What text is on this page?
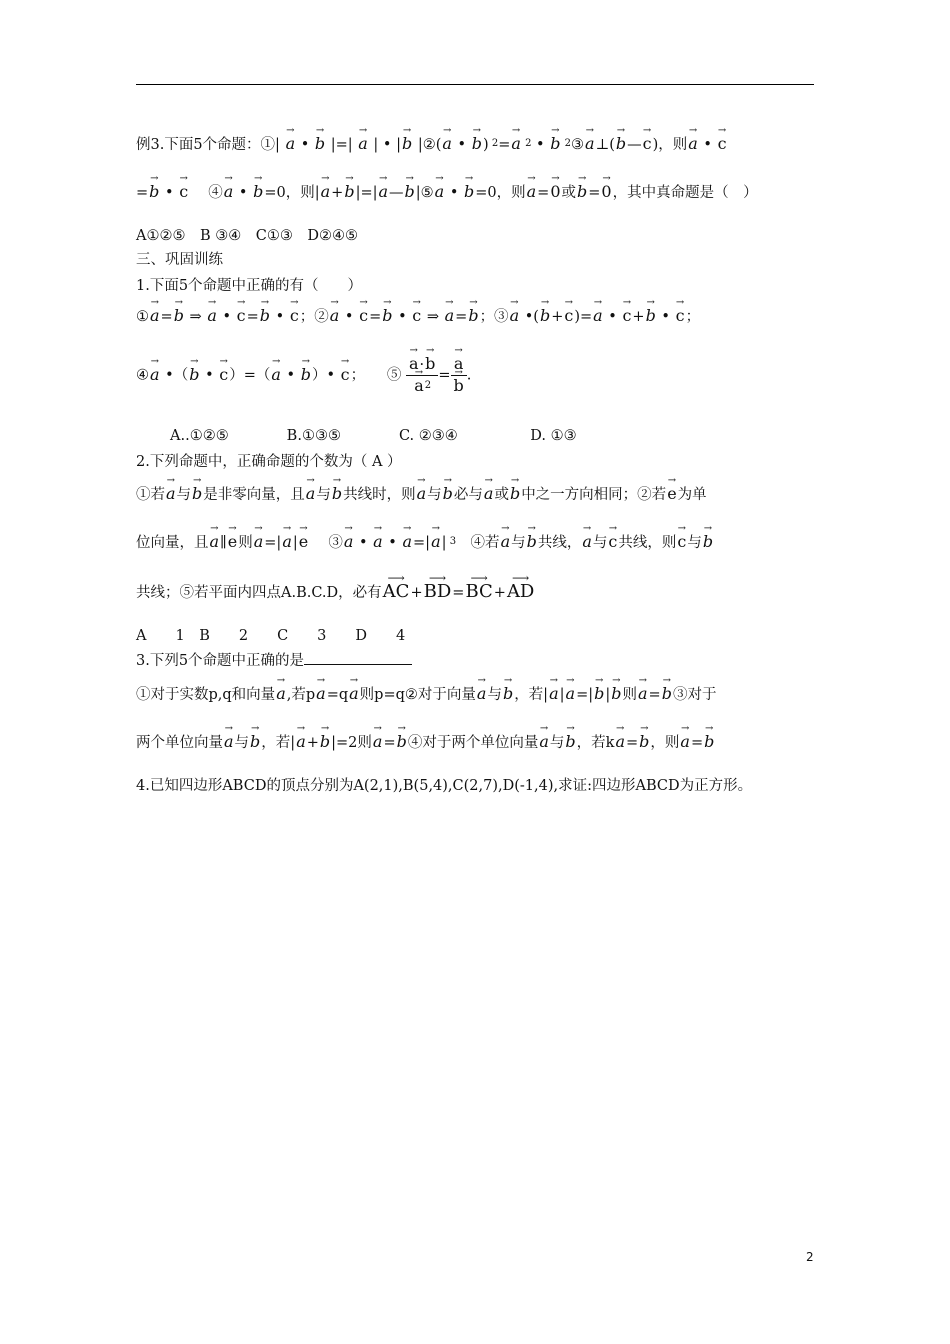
例3.下面5个命题：①| → a • → b |=| → a | • |→ b |②(→ a • → b) $^2$=→ a $^2$ • → b $^2$③→ a⊥(→ b—→ c)，则→ a • → c
=→ b • → c　 ④→ a • → b=0，则|→ a+→ b|=|→ a—→ b|⑤→ a • → b=0，则→ a=→ 0或→ b=→ 0，其中真命题是（　）
A①②⑤　B ③④　C①③　D②④⑤
三、巩固训练
1.下面5个命题中正确的有（　　）
①→ a=→ b ⇒ → a • → c=→ b • → c；②→ a • → c=→ b • → c ⇒ → a=→ b；③→ a •(→ b+→ c)=→ a • → c+→ b • → c；
④→ a •（→ b • → c）=（→ a • → b）• → c；　　⑤ → a·→ b
→ $a^2$ = → a
→ b .
A..①②⑤　　　　B.①③⑤　　　　C. ②③④　　　　　D. ①③
2.下列命题中，正确命题的个数为（ A ）
①若→ a与→ b是非零向量，且→ a与→ b共线时，则→ a与→ b必与→ a或→ b中之一方向相同；②若→ e为单
位向量，且→ a∥→ e则→ a=|→ a|→ e　 ③→ a • → a • → a=|→ a| $^3$　④若→ a与→ b共线，→ a与→ c共线，则→ c与→ b
共线；⑤若平面内四点A.B.C.D，必有⟶ AC+⟶ BD=⟶ BC+⟶ AD
A　　1　B　　2　　C　　3　　D　　4
3.下列5个命题中正确的是
①对于实数p,q和向量→ a,若p→ a=q→ a则p=q②对于向量→ a与→ b，若|→ a|→ a=|→ b|→ b则→ a=→ b③对于
两个单位向量→ a与→ b，若|→ a+→ b|=2则→ a=→ b④对于两个单位向量→ a与→ b，若k→ a=→ b，则→ a=→ b
4.已知四边形ABCD的顶点分别为A(2,1),B(5,4),C(2,7),D(-1,4),求证:四边形ABCD为正方形。
2
